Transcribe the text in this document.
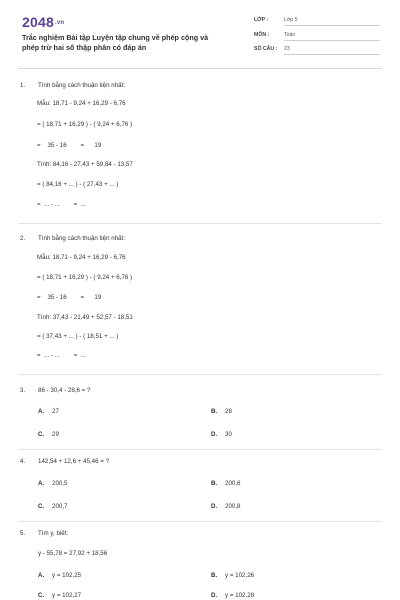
2048.vn
Trắc nghiệm Bài tập Luyện tập chung về phép cộng và phép trừ hai số thập phân có đáp án
LỚP :	Lớp 5
MÔN :	Toán
SỐ CÂU : 23
1. Tính bằng cách thuận tiện nhất:
Mẫu: 18,71 - 9,24 + 16,29 - 6,76
= ( 18,71 + 16,29 ) - ( 9,24 + 6,76 )
=    35 - 16        =      19
Tính: 84,16 - 27,43 + 59,84 - 13,57
= ( 84,16 + ... ) - ( 27,43 + ... )
=  ... - ...        =  ...
2. Tính bằng cách thuận tiện nhất:
Mẫu: 18,71 - 9,24 + 16,29 - 6,76
= ( 18,71 + 16,29 ) - ( 9,24 + 6,76 )
=    35 - 16        =      19
Tính: 37,43 - 21,49 + 52,57 - 18,51
= ( 37,43 + ... ) - ( 18,51 + ... )
=  ... - ...        =  ...
3. 86 - 30,4 - 28,6 = ?
A. 27	B. 28
C. 29	D. 30
4. 142,54 + 12,6 + 45,46 = ?
A. 200,5	B. 200,6
C. 200,7	D. 200,8
5. Tìm y, biết:
y - 55,78 = 27,92 + 18,56
A. y = 102,25	B. y = 102,26
C. y = 102,27	D. y = 102,28
